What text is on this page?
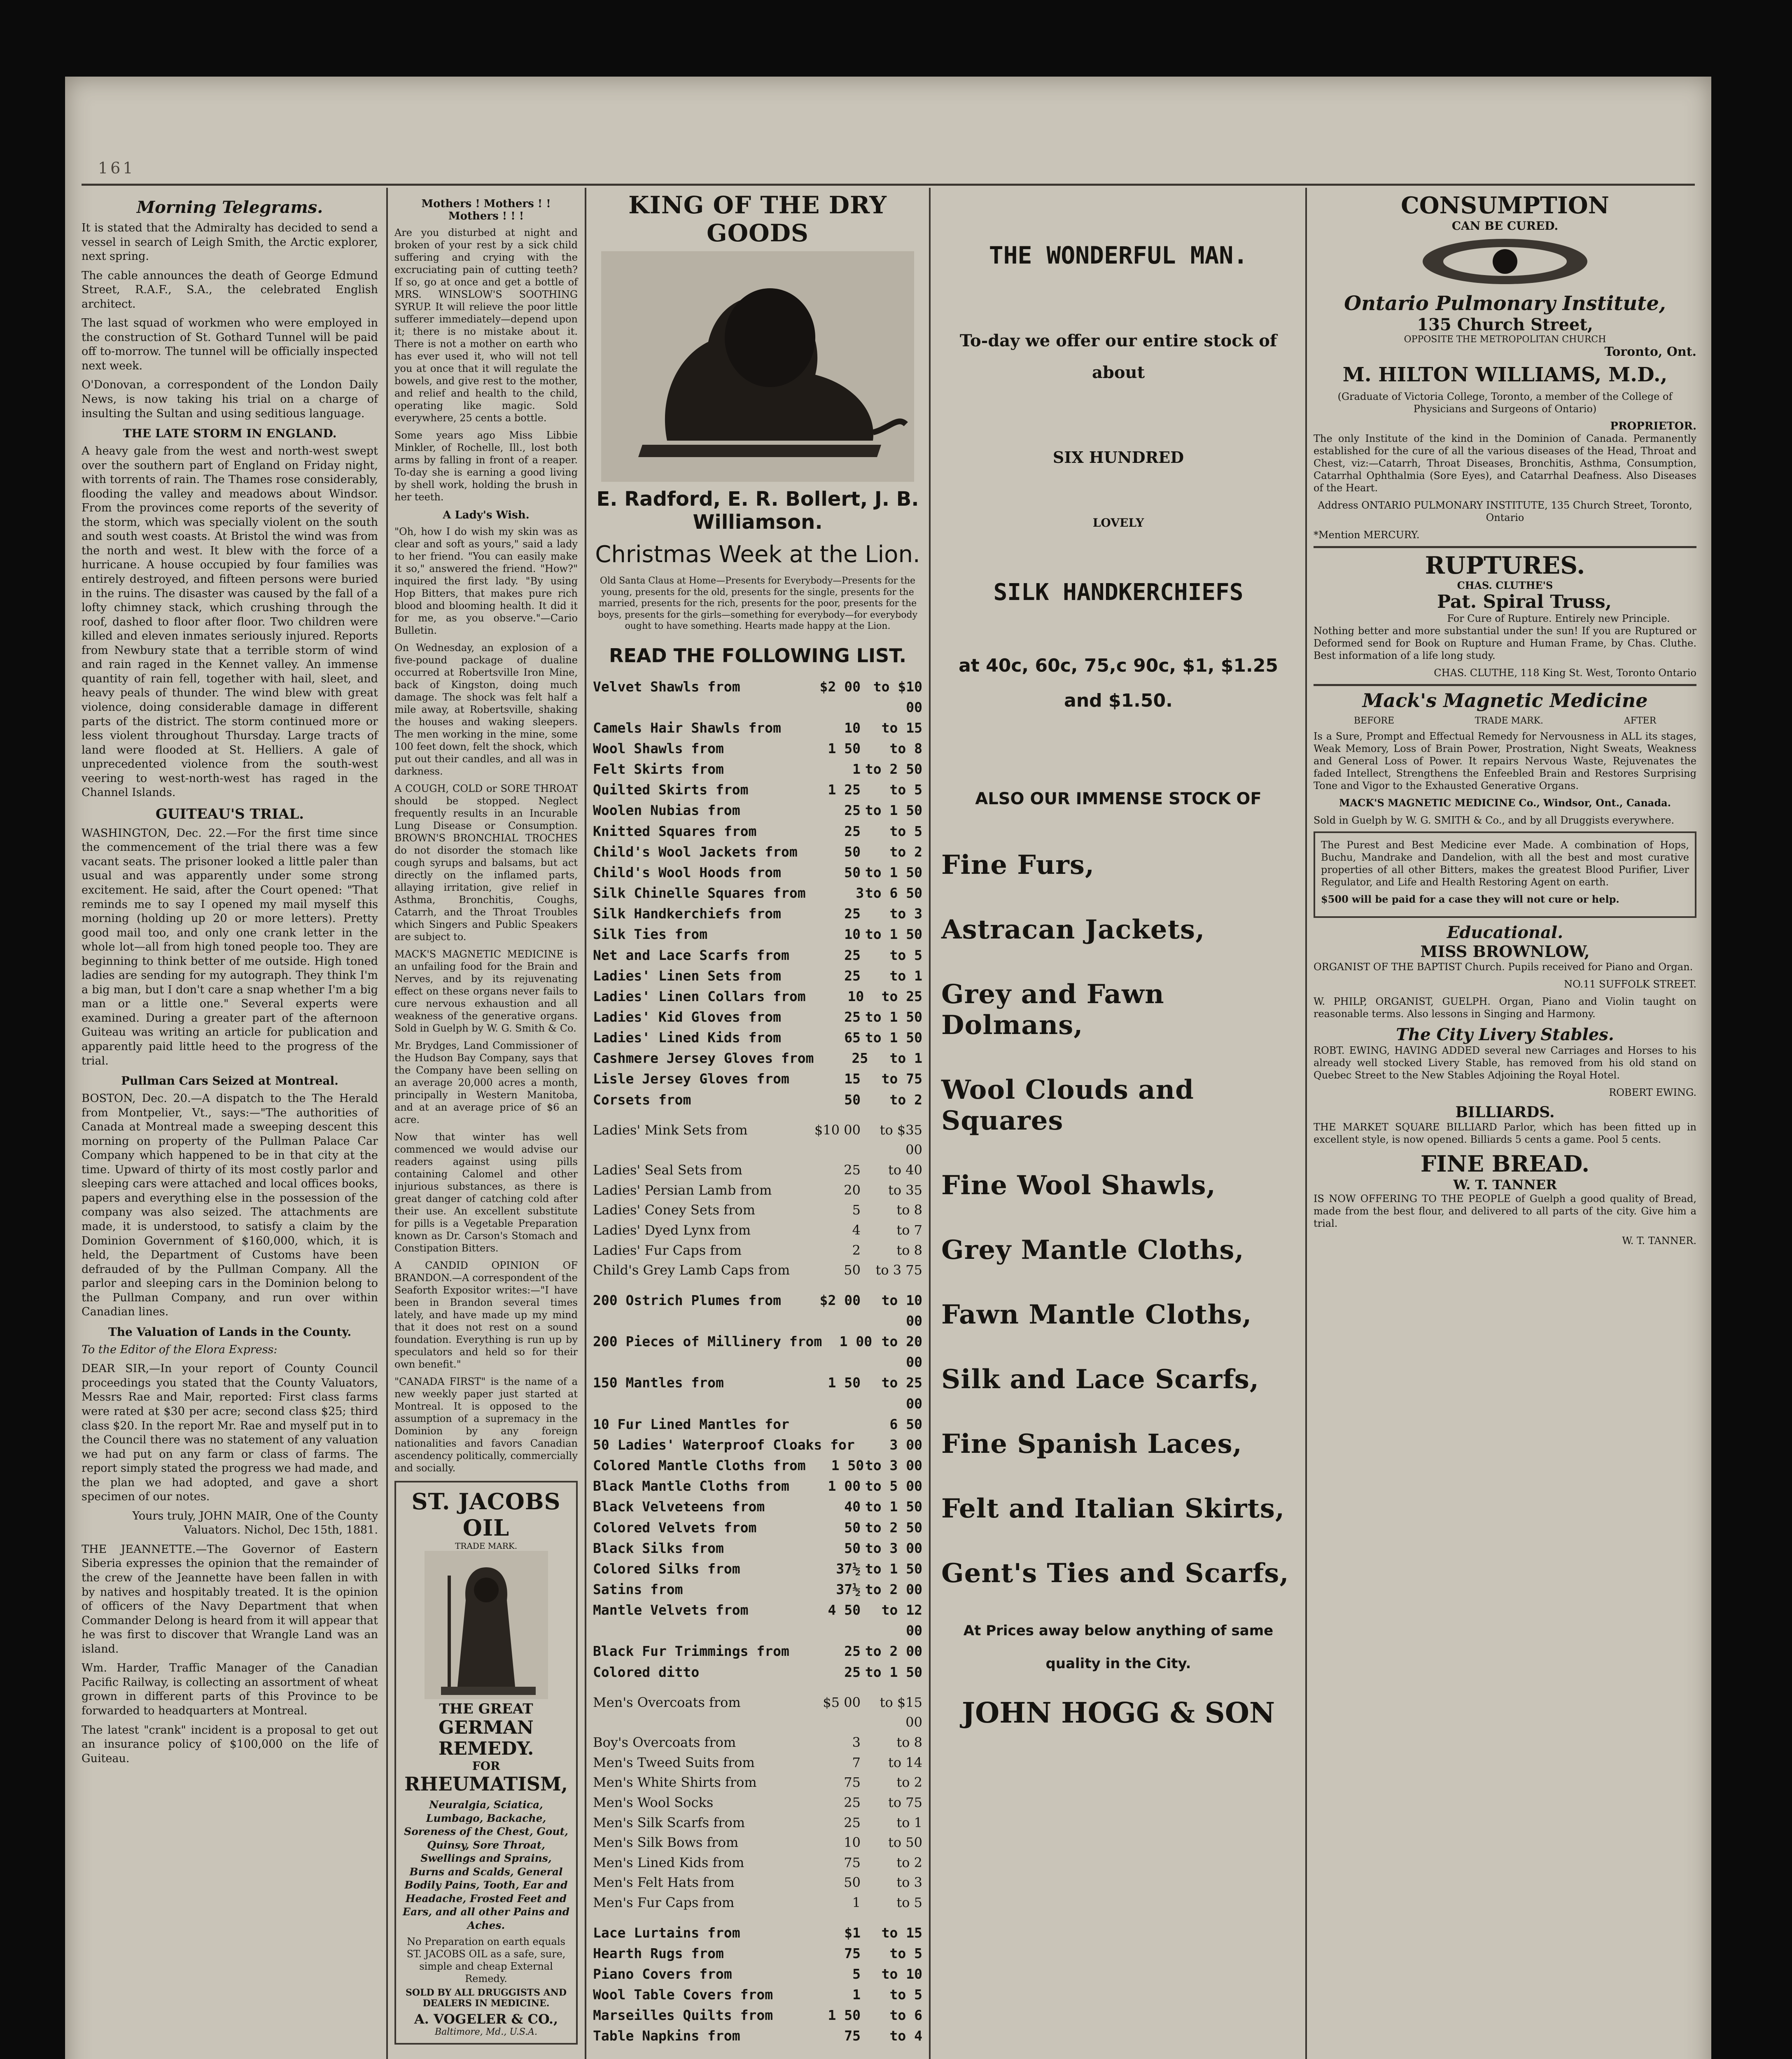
161
Morning Telegrams.

It is stated that the Admiralty has decided to send a vessel in search of Leigh Smith, the Arctic explorer, next spring.

The cable announces the death of George Edmund Street, R.A.F., S.A., the celebrated English architect.

The last squad of workmen who were employed in the construction of St. Gothard Tunnel will be paid off to-morrow. The tunnel will be officially inspected next week.

O'Donovan, a correspondent of the London Daily News, is now taking his trial on a charge of insulting the Sultan and using seditious language.

THE LATE STORM IN ENGLAND.

A heavy gale from the west and north-west swept over the southern part of England on Friday night, with torrents of rain. The Thames rose considerably, flooding the valley and meadows about Windsor. From the provinces come reports of the severity of the storm, which was specially violent on the south and south west coasts. At Bristol the wind was from the north and west. It blew with the force of a hurricane. A house occupied by four families was entirely destroyed, and fifteen persons were buried in the ruins. The disaster was caused by the fall of a lofty chimney stack, which crushing through the roof, dashed to floor after floor. Two children were killed and eleven inmates seriously injured. Reports from Newbury state that a terrible storm of wind and rain raged in the Kennet valley. An immense quantity of rain fell, together with hail, sleet, and heavy peals of thunder. The wind blew with great violence, doing considerable damage in different parts of the district. The storm continued more or less violent throughout Thursday. Large tracts of land were flooded at St. Helliers. A gale of unprecedented violence from the south-west veering to west-north-west has raged in the Channel Islands.

GUITEAU'S TRIAL.

WASHINGTON, Dec. 22.—For the first time since the commencement of the trial there was a few vacant seats. The prisoner looked a little paler than usual and was apparently under some strong excitement. He said, after the Court opened: "That reminds me to say I opened my mail myself this morning (holding up 20 or more letters). Pretty good mail too, and only one crank letter in the whole lot—all from high toned people too. They are beginning to think better of me outside. High toned ladies are sending for my autograph. They think I'm a big man, but I don't care a snap whether I'm a big man or a little one." Several experts were examined. During a greater part of the afternoon Guiteau was writing an article for publication and apparently paid little heed to the progress of the trial.

Pullman Cars Seized at Montreal.

BOSTON, Dec. 20.—A dispatch to the The Herald from Montpelier, Vt., says:—"The authorities of Canada at Montreal made a sweeping descent this morning on property of the Pullman Palace Car Company which happened to be in that city at the time. Upward of thirty of its most costly parlor and sleeping cars were attached and local offices books, papers and everything else in the possession of the company was also seized. The attachments are made, it is understood, to satisfy a claim by the Dominion Government of $160,000, which, it is held, the Department of Customs have been defrauded of by the Pullman Company. All the parlor and sleeping cars in the Dominion belong to the Pullman Company, and run over within Canadian lines.

The Valuation of Lands in the County.

To the Editor of the Elora Express:

DEAR SIR,—In your report of County Council proceedings you stated that the County Valuators, Messrs Rae and Mair, reported: First class farms were rated at $30 per acre; second class $25; third class $20. In the report Mr. Rae and myself put in to the Council there was no statement of any valuation we had put on any farm or class of farms. The report simply stated the progress we had made, and the plan we had adopted, and gave a short specimen of our notes.

Yours truly, JOHN MAIR, One of the County Valuators. Nichol, Dec 15th, 1881.

THE JEANNETTE.—The Governor of Eastern Siberia expresses the opinion that the remainder of the crew of the Jeannette have been fallen in with by natives and hospitably treated. It is the opinion of officers of the Navy Department that when Commander Delong is heard from it will appear that he was first to discover that Wrangle Land was an island.

Wm. Harder, Traffic Manager of the Canadian Pacific Railway, is collecting an assortment of wheat grown in different parts of this Province to be forwarded to headquarters at Montreal.

The latest "crank" incident is a proposal to get out an insurance policy of $100,000 on the life of Guiteau.

Mothers ! Mothers ! ! Mothers ! ! !

Are you disturbed at night and broken of your rest by a sick child suffering and crying with the excruciating pain of cutting teeth? If so, go at once and get a bottle of MRS. WINSLOW'S SOOTHING SYRUP. It will relieve the poor little sufferer immediately—depend upon it; there is no mistake about it. There is not a mother on earth who has ever used it, who will not tell you at once that it will regulate the bowels, and give rest to the mother, and relief and health to the child, operating like magic. Sold everywhere, 25 cents a bottle.

Some years ago Miss Libbie Minkler, of Rochelle, Ill., lost both arms by falling in front of a reaper. To-day she is earning a good living by shell work, holding the brush in her teeth.

A Lady's Wish.

"Oh, how I do wish my skin was as clear and soft as yours," said a lady to her friend. "You can easily make it so," answered the friend. "How?" inquired the first lady. "By using Hop Bitters, that makes pure rich blood and blooming health. It did it for me, as you observe."—Cario Bulletin.

On Wednesday, an explosion of a five-pound package of dualine occurred at Robertsville Iron Mine, back of Kingston, doing much damage. The shock was felt half a mile away, at Robertsville, shaking the houses and waking sleepers. The men working in the mine, some 100 feet down, felt the shock, which put out their candles, and all was in darkness.

A COUGH, COLD or SORE THROAT should be stopped. Neglect frequently results in an Incurable Lung Disease or Consumption. BROWN'S BRONCHIAL TROCHES do not disorder the stomach like cough syrups and balsams, but act directly on the inflamed parts, allaying irritation, give relief in Asthma, Bronchitis, Coughs, Catarrh, and the Throat Troubles which Singers and Public Speakers are subject to.

MACK'S MAGNETIC MEDICINE is an unfailing food for the Brain and Nerves, and by its rejuvenating effect on these organs never fails to cure nervous exhaustion and all weakness of the generative organs. Sold in Guelph by W. G. Smith & Co.

Mr. Brydges, Land Commissioner of the Hudson Bay Company, says that the Company have been selling on an average 20,000 acres a month, principally in Western Manitoba, and at an average price of $6 an acre.

Now that winter has well commenced we would advise our readers against using pills containing Calomel and other injurious substances, as there is great danger of catching cold after their use. An excellent substitute for pills is a Vegetable Preparation known as Dr. Carson's Stomach and Constipation Bitters.

A CANDID OPINION OF BRANDON.—A correspondent of the Seaforth Expositor writes:—"I have been in Brandon several times lately, and have made up my mind that it does not rest on a sound foundation. Everything is run up by speculators and held so for their own benefit."

"CANADA FIRST" is the name of a new weekly paper just started at Montreal. It is opposed to the assumption of a supremacy in the Dominion by any foreign nationalities and favors Canadian ascendency politically, commercially and socially.

ST. JACOBS OIL
TRADE MARK.
THE GREAT
GERMAN REMEDY.
FOR
RHEUMATISM,

Neuralgia, Sciatica, Lumbago, Backache, Soreness of the Chest, Gout, Quinsy, Sore Throat, Swellings and Sprains, Burns and Scalds, General Bodily Pains, Tooth, Ear and Headache, Frosted Feet and Ears, and all other Pains and Aches.

No Preparation on earth equals ST. JACOBS OIL as a safe, sure, simple and cheap External Remedy.

SOLD BY ALL DRUGGISTS AND DEALERS IN MEDICINE.
A. VOGELER & CO.,
Baltimore, Md., U.S.A.
KING OF THE DRY GOODS
E. Radford, E. R. Bollert, J. B. Williamson.
Christmas Week at the Lion.

Old Santa Claus at Home—Presents for Everybody—Presents for the young, presents for the old, presents for the single, presents for the married, presents for the rich, presents for the poor, presents for the boys, presents for the girls—something for everybody—for everybody ought to have something. Hearts made happy at the Lion.

READ THE FOLLOWING LIST.
Velvet Shawls from	$2 00 to $10 00
Camels Hair Shawls from	10	to 15
Wool Shawls from	1 50	to 8
Felt Skirts from	1 to 2 50
Quilted Skirts from	1 25	to 5
Woolen Nubias from	25 to 1 50
Knitted Squares from	25	to 5
Child's Wool Jackets from	50	to 2
Child's Wool Hoods from	50 to 1 50
Silk Chinelle Squares from	3 to 6 50
Silk Handkerchiefs from	25	to 3
Silk Ties from	10 to 1 50
Net and Lace Scarfs from	25	to 5
Ladies' Linen Sets from	25	to 1
Ladies' Linen Collars from	10	to 25
Ladies' Kid Gloves from	25 to 1 50
Ladies' Lined Kids from	65 to 1 50
Cashmere Jersey Gloves from	25	to 1
Lisle Jersey Gloves from	15	to 75
Corsets from	50	to 2
Ladies' Mink Sets from	$10 00	to $35 00
Ladies' Seal Sets from	25	to 40
Ladies' Persian Lamb from	20	to 35
Ladies' Coney Sets from	5	to 8
Ladies' Dyed Lynx from	4	to 7
Ladies' Fur Caps from	2	to 8
Child's Grey Lamb Caps from	50	to 3 75
200 Ostrich Plumes from	$2 00	to 10 00
200 Pieces of Millinery from	1 00 to 20 00
150 Mantles from	1 50	to 25 00
10 Fur Lined Mantles for	6 50
50 Ladies' Waterproof Cloaks for	3 00
Colored Mantle Cloths from	1 50 to 3 00
Black Mantle Cloths from	1 00 to 5 00
Black Velveteens from	40 to 1 50
Colored Velvets from	50 to 2 50
Black Silks from	50 to 3 00
Colored Silks from	37½ to 1 50
Satins from	37½ to 2 00
Mantle Velvets from	4 50	to 12 00
Black Fur Trimmings from	25 to 2 00
Colored ditto	25 to 1 50
Men's Overcoats from	$5 00	to $15 00
Boy's Overcoats from	3	to 8
Men's Tweed Suits from	7	to 14
Men's White Shirts from	75	to 2
Men's Wool Socks	25	to 75
Men's Silk Scarfs from	25	to 1
Men's Silk Bows from	10	to 50
Men's Lined Kids from	75	to 2
Men's Felt Hats from	50	to 3
Men's Fur Caps from	1	to 5
Lace Lurtains from	$1	to 15
Hearth Rugs from	75	to 5
Piano Covers from	5	to 10
Wool Table Covers from	1	to 5
Marseilles Quilts from	1 50	to 6
Table Napkins from	75	to 4

THE WONDERFUL MAN.
To-day we offer our entire stock of
about
SIX HUNDRED
LOVELY
SILK HANDKERCHIEFS
at 40c, 60c, 75,c 90c, $1, $1.25
and $1.50.
ALSO OUR IMMENSE STOCK OF
Fine Furs,
Astracan Jackets,
Grey and Fawn Dolmans,
Wool Clouds and Squares
Fine Wool Shawls,
Grey Mantle Cloths,
Fawn Mantle Cloths,
Silk and Lace Scarfs,
Fine Spanish Laces,
Felt and Italian Skirts,
Gent's Ties and Scarfs,
At Prices away below anything of same
quality in the City.
JOHN HOGG & SON
CONSUMPTION
CAN BE CURED.
Ontario Pulmonary Institute,
135 Church Street,
OPPOSITE THE METROPOLITAN CHURCH
Toronto, Ont.
M. HILTON WILLIAMS, M.D.,

(Graduate of Victoria College, Toronto, a member of the College of Physicians and Surgeons of Ontario)

PROPRIETOR.

The only Institute of the kind in the Dominion of Canada. Permanently established for the cure of all the various diseases of the Head, Throat and Chest, viz:—Catarrh, Throat Diseases, Bronchitis, Asthma, Consumption, Catarrhal Ophthalmia (Sore Eyes), and Catarrhal Deafness. Also Diseases of the Heart.

Address ONTARIO PULMONARY INSTITUTE, 135 Church Street, Toronto, Ontario

*Mention MERCURY.

RUPTURES.
CHAS. CLUTHE'S
Pat. Spiral Truss,
For Cure of Rupture. Entirely new Principle.

Nothing better and more substantial under the sun! If you are Ruptured or Deformed send for Book on Rupture and Human Frame, by Chas. Cluthe. Best information of a life long study.

CHAS. CLUTHE, 118 King St. West, Toronto Ontario

Mack's Magnetic Medicine
BEFORE	TRADE MARK.	AFTER

Is a Sure, Prompt and Effectual Remedy for Nervousness in ALL its stages, Weak Memory, Loss of Brain Power, Prostration, Night Sweats, Weakness and General Loss of Power. It repairs Nervous Waste, Rejuvenates the faded Intellect, Strengthens the Enfeebled Brain and Restores Surprising Tone and Vigor to the Exhausted Generative Organs.

MACK'S MAGNETIC MEDICINE Co., Windsor, Ont., Canada.

Sold in Guelph by W. G. SMITH & Co., and by all Druggists everywhere.

The Purest and Best Medicine ever Made. A combination of Hops, Buchu, Mandrake and Dandelion, with all the best and most curative properties of all other Bitters, makes the greatest Blood Purifier, Liver Regulator, and Life and Health Restoring Agent on earth.

$500 will be paid for a case they will not cure or help.

Educational.
MISS BROWNLOW,

ORGANIST OF THE BAPTIST Church. Pupils received for Piano and Organ.

NO.11 SUFFOLK STREET.

W. PHILP, ORGANIST, GUELPH. Organ, Piano and Violin taught on reasonable terms. Also lessons in Singing and Harmony.

The City Livery Stables.

ROBT. EWING, HAVING ADDED several new Carriages and Horses to his already well stocked Livery Stable, has removed from his old stand on Quebec Street to the New Stables Adjoining the Royal Hotel.

ROBERT EWING.

BILLIARDS.

THE MARKET SQUARE BILLIARD Parlor, which has been fitted up in excellent style, is now opened. Billiards 5 cents a game. Pool 5 cents.

FINE BREAD.
W. T. TANNER

IS NOW OFFERING TO THE PEOPLE of Guelph a good quality of Bread, made from the best flour, and delivered to all parts of the city. Give him a trial.

W. T. TANNER.
